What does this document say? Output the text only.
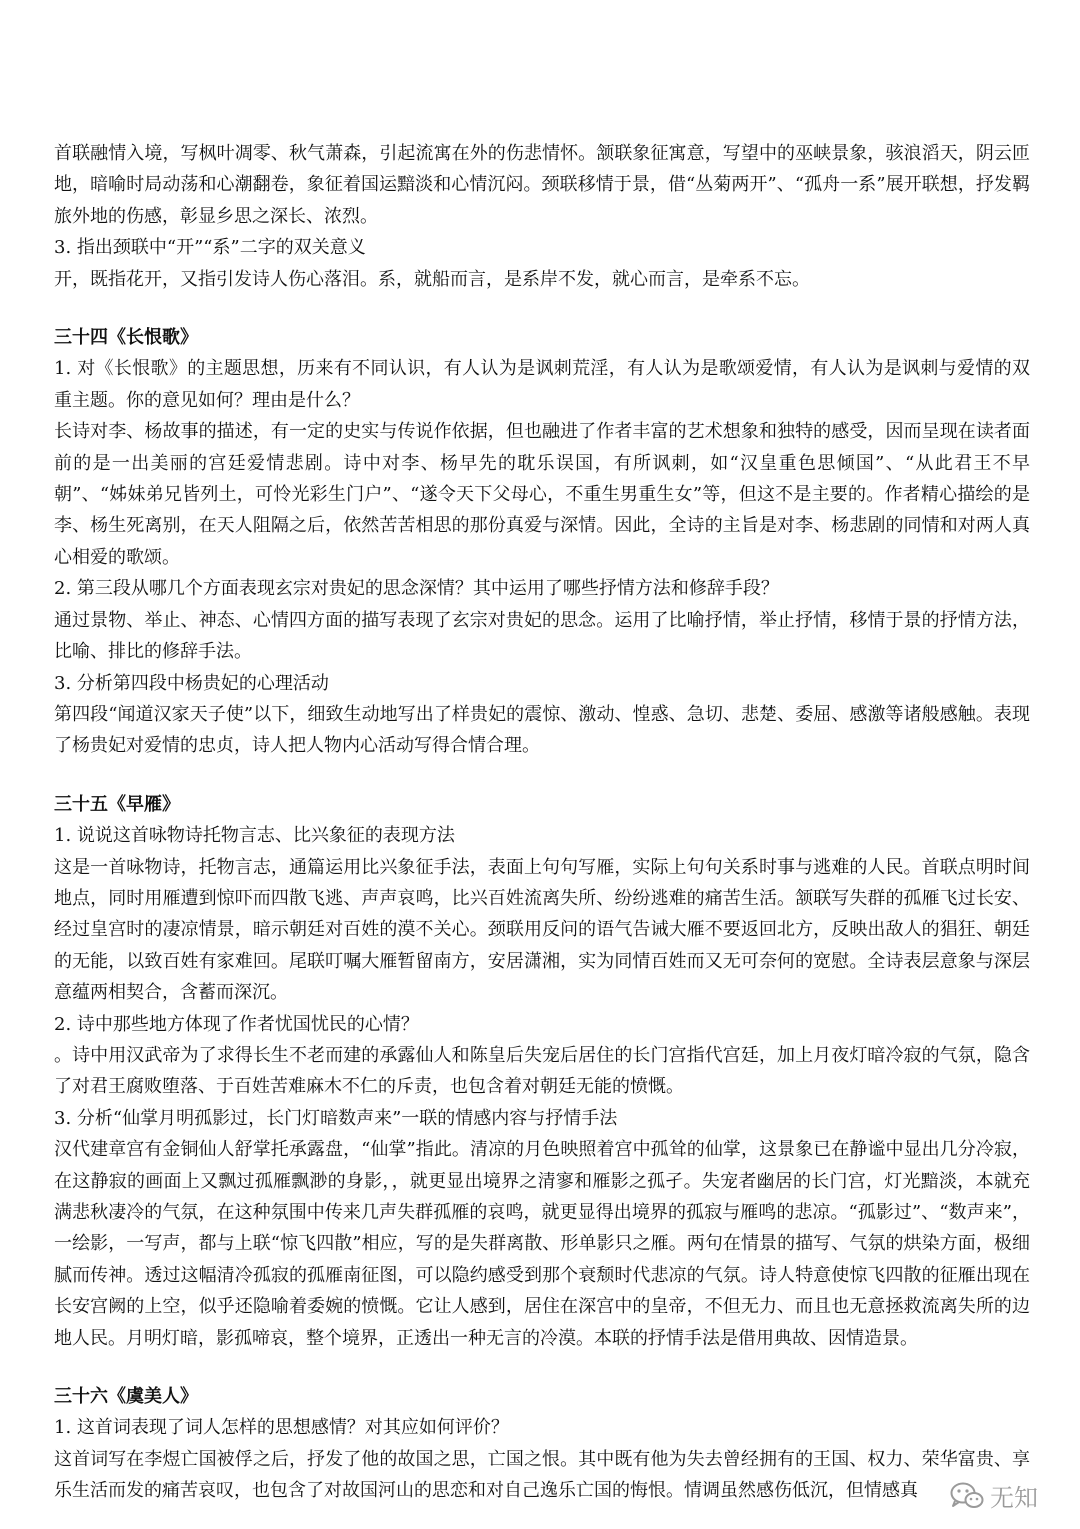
首联融情入境，写枫叶凋零、秋气萧森，引起流寓在外的伤悲情怀。颔联象征寓意，写望中的巫峡景象，骇浪滔天，阴云匝地，暗喻时局动荡和心潮翻卷，象征着国运黯淡和心情沉闷。颈联移情于景，借“丛菊两开”、“孤舟一系”展开联想，抒发羁旅外地的伤感，彰显乡思之深长、浓烈。

3. 指出颈联中“开”“系”二字的双关意义

开，既指花开，又指引发诗人伤心落泪。系，就船而言，是系岸不发，就心而言，是牵系不忘。

三十四《长恨歌》

1. 对《长恨歌》的主题思想，历来有不同认识，有人认为是讽刺荒淫，有人认为是歌颂爱情，有人认为是讽刺与爱情的双重主题。你的意见如何？理由是什么？

长诗对李、杨故事的描述，有一定的史实与传说作依据，但也融进了作者丰富的艺术想象和独特的感受，因而呈现在读者面前的是一出美丽的宫廷爱情悲剧。诗中对李、杨早先的耽乐误国，有所讽刺，如“汉皇重色思倾国”、“从此君王不早朝”、“姊妹弟兄皆列土，可怜光彩生门户”、“遂令天下父母心，不重生男重生女”等，但这不是主要的。作者精心描绘的是李、杨生死离别，在天人阻隔之后，依然苦苦相思的那份真爱与深情。因此，全诗的主旨是对李、杨悲剧的同情和对两人真心相爱的歌颂。

2. 第三段从哪几个方面表现玄宗对贵妃的思念深情？其中运用了哪些抒情方法和修辞手段？

通过景物、举止、神态、心情四方面的描写表现了玄宗对贵妃的思念。运用了比喻抒情，举止抒情，移情于景的抒情方法，比喻、排比的修辞手法。

3. 分析第四段中杨贵妃的心理活动

第四段“闻道汉家天子使”以下，细致生动地写出了样贵妃的震惊、激动、惶惑、急切、悲楚、委屈、感激等诸般感触。表现了杨贵妃对爱情的忠贞，诗人把人物内心活动写得合情合理。

三十五《早雁》

1. 说说这首咏物诗托物言志、比兴象征的表现方法

这是一首咏物诗，托物言志，通篇运用比兴象征手法，表面上句句写雁，实际上句句关系时事与逃难的人民。首联点明时间地点，同时用雁遭到惊吓而四散飞逃、声声哀鸣，比兴百姓流离失所、纷纷逃难的痛苦生活。颔联写失群的孤雁飞过长安、经过皇宫时的凄凉情景，暗示朝廷对百姓的漠不关心。颈联用反问的语气告诫大雁不要返回北方，反映出敌人的猖狂、朝廷的无能，以致百姓有家难回。尾联叮嘱大雁暂留南方，安居潇湘，实为同情百姓而又无可奈何的宽慰。全诗表层意象与深层意蕴两相契合，含蓄而深沉。

2. 诗中那些地方体现了作者忧国忧民的心情？

。诗中用汉武帝为了求得长生不老而建的承露仙人和陈皇后失宠后居住的长门宫指代宫廷，加上月夜灯暗冷寂的气氛，隐含了对君王腐败堕落、于百姓苦难麻木不仁的斥责，也包含着对朝廷无能的愤慨。

3. 分析“仙掌月明孤影过，长门灯暗数声来”一联的情感内容与抒情手法

汉代建章宫有金铜仙人舒掌托承露盘，“仙掌”指此。清凉的月色映照着宫中孤耸的仙掌，这景象已在静谧中显出几分冷寂，在这静寂的画面上又飘过孤雁飘渺的身影，，就更显出境界之清寥和雁影之孤孑。失宠者幽居的长门宫，灯光黯淡，本就充满悲秋凄冷的气氛，在这种氛围中传来几声失群孤雁的哀鸣，就更显得出境界的孤寂与雁鸣的悲凉。“孤影过”、“数声来”，一绘影，一写声，都与上联“惊飞四散”相应，写的是失群离散、形单影只之雁。两句在情景的描写、气氛的烘染方面，极细腻而传神。透过这幅清冷孤寂的孤雁南征图，可以隐约感受到那个衰颓时代悲凉的气氛。诗人特意使惊飞四散的征雁出现在长安宫阙的上空，似乎还隐喻着委婉的愤慨。它让人感到，居住在深宫中的皇帝，不但无力、而且也无意拯救流离失所的边地人民。月明灯暗，影孤啼哀，整个境界，正透出一种无言的冷漠。本联的抒情手法是借用典故、因情造景。

三十六《虞美人》

1. 这首词表现了词人怎样的思想感情？对其应如何评价？

这首词写在李煜亡国被俘之后，抒发了他的故国之思，亡国之恨。其中既有他为失去曾经拥有的王国、权力、荣华富贵、享乐生活而发的痛苦哀叹，也包含了对故国河山的思恋和对自己逸乐亡国的悔恨。情调虽然感伤低沉，但情感真	无知
